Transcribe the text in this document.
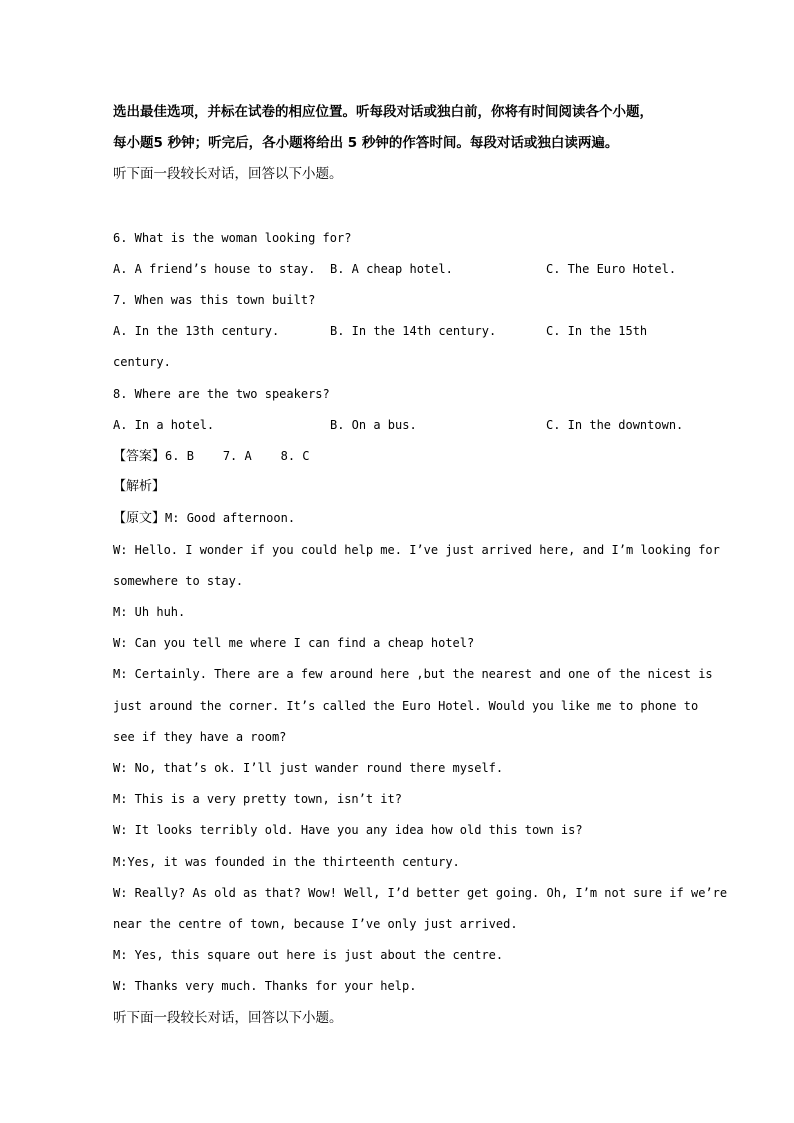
选出最佳选项，并标在试卷的相应位置。听每段对话或独白前，你将有时间阅读各个小题，
每小题5 秒钟；听完后，各小题将给出 5 秒钟的作答时间。每段对话或独白读两遍。
听下面一段较长对话，回答以下小题。
6. What is the woman looking for?
A. A friend’s house to stay. B. A cheap hotel.	C. The Euro Hotel.
7. When was this town built?
A. In the 13th century.	B. In the 14th century.	C. In the 15th
century.
8. Where are the two speakers?
A. In a hotel.	B. On a bus.	C. In the downtown.
【答案】6. B    7. A    8. C
【解析】
【原文】M: Good afternoon.
W: Hello. I wonder if you could help me. I’ve just arrived here, and I’m looking for
somewhere to stay.
M: Uh huh.
W: Can you tell me where I can find a cheap hotel?
M: Certainly. There are a few around here ,but the nearest and one of the nicest is
just around the corner. It’s called the Euro Hotel. Would you like me to phone to
see if they have a room?
W: No, that’s ok. I’ll just wander round there myself.
M: This is a very pretty town, isn’t it?
W: It looks terribly old. Have you any idea how old this town is?
M:Yes, it was founded in the thirteenth century.
W: Really? As old as that? Wow! Well, I’d better get going. Oh, I’m not sure if we’re
near the centre of town, because I’ve only just arrived.
M: Yes, this square out here is just about the centre.
W: Thanks very much. Thanks for your help.
听下面一段较长对话，回答以下小题。
